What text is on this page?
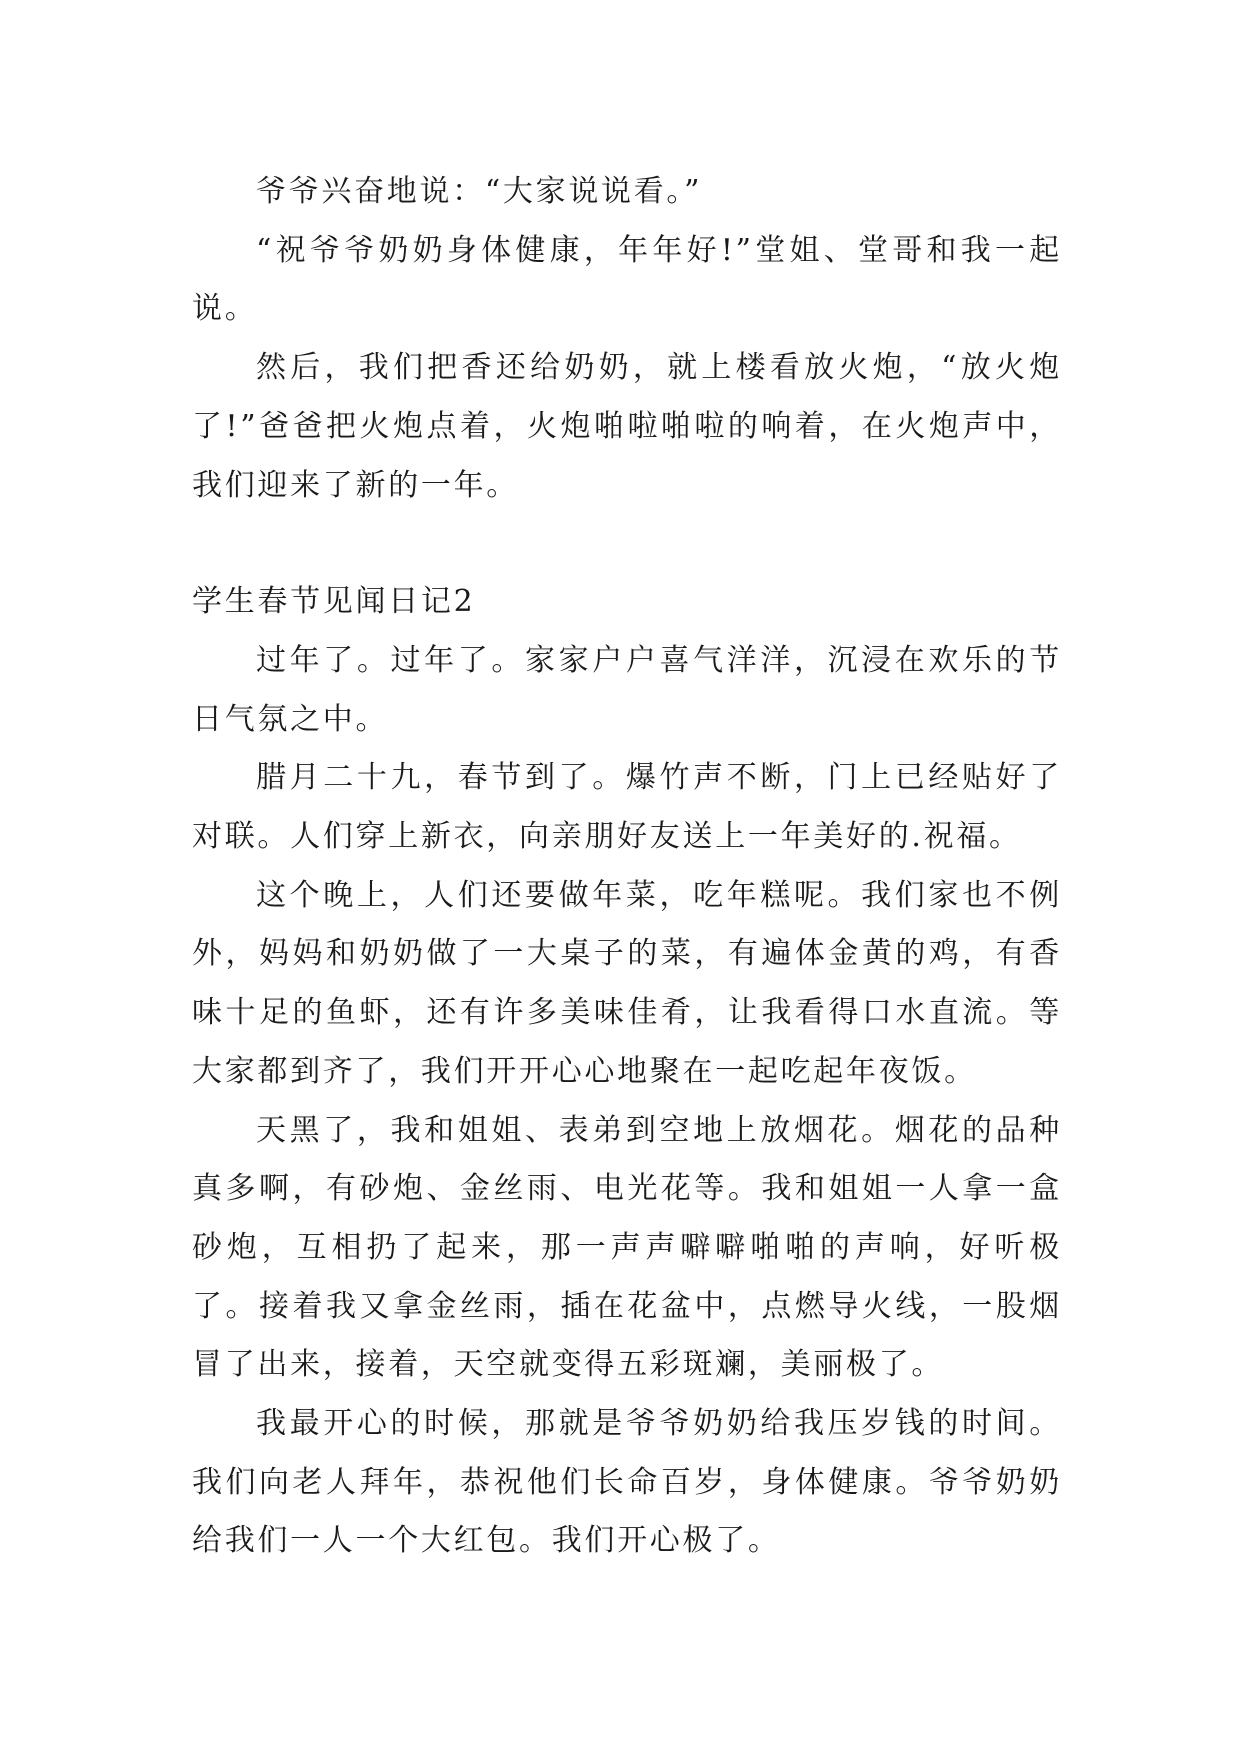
爷爷兴奋地说：“大家说说看。”

“祝爷爷奶奶身体健康，年年好!”堂姐、堂哥和我一起说。

然后，我们把香还给奶奶，就上楼看放火炮，“放火炮了!”爸爸把火炮点着，火炮啪啦啪啦的响着，在火炮声中，我们迎来了新的一年。

学生春节见闻日记2

过年了。过年了。家家户户喜气洋洋，沉浸在欢乐的节日气氛之中。

腊月二十九，春节到了。爆竹声不断，门上已经贴好了对联。人们穿上新衣，向亲朋好友送上一年美好的.祝福。

这个晚上，人们还要做年菜，吃年糕呢。我们家也不例外，妈妈和奶奶做了一大桌子的菜，有遍体金黄的鸡，有香味十足的鱼虾，还有许多美味佳肴，让我看得口水直流。等大家都到齐了，我们开开心心地聚在一起吃起年夜饭。

天黑了，我和姐姐、表弟到空地上放烟花。烟花的品种真多啊，有砂炮、金丝雨、电光花等。我和姐姐一人拿一盒砂炮，互相扔了起来，那一声声噼噼啪啪的声响，好听极了。接着我又拿金丝雨，插在花盆中，点燃导火线，一股烟冒了出来，接着，天空就变得五彩斑斓，美丽极了。

我最开心的时候，那就是爷爷奶奶给我压岁钱的时间。我们向老人拜年，恭祝他们长命百岁，身体健康。爷爷奶奶给我们一人一个大红包。我们开心极了。
